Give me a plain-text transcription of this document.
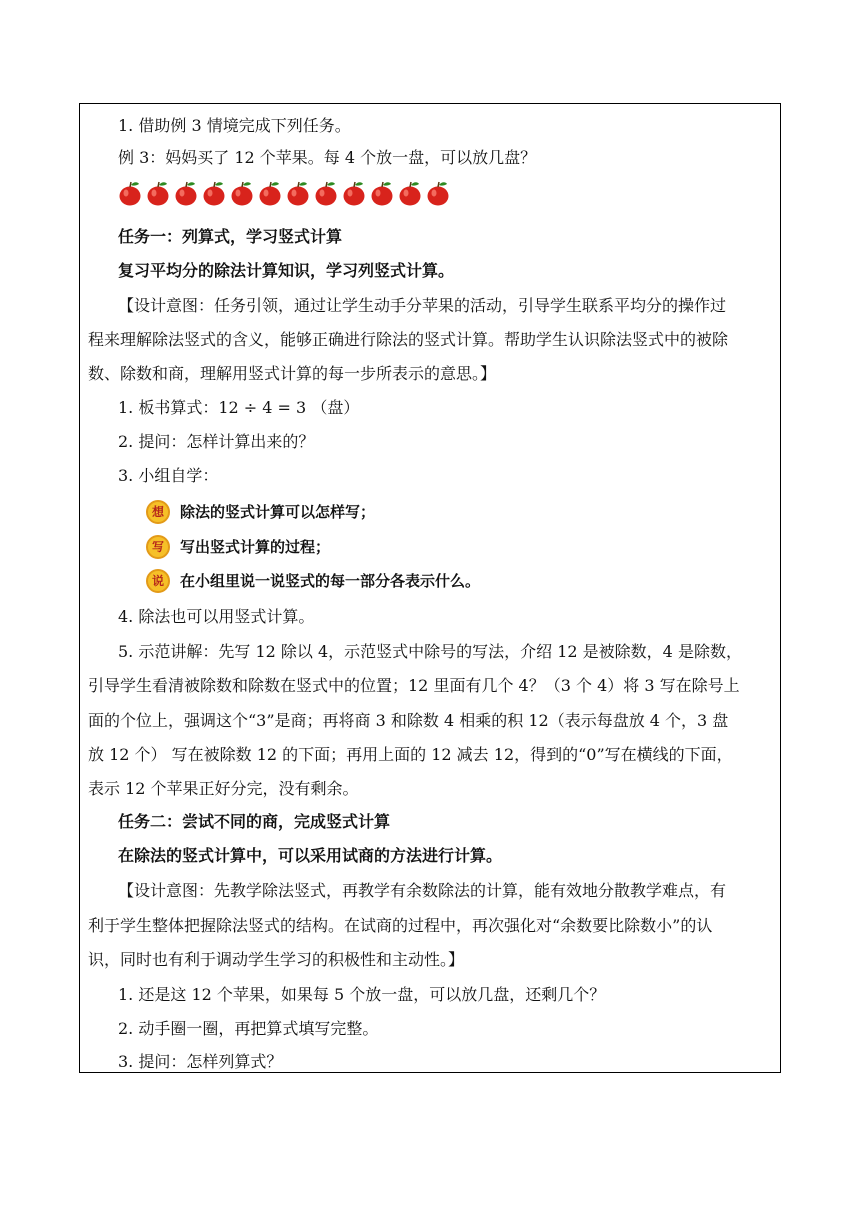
1. 借助例 3 情境完成下列任务。
例 3：妈妈买了 12 个苹果。每 4 个放一盘，可以放几盘？
任务一：列算式，学习竖式计算
复习平均分的除法计算知识，学习列竖式计算。
【设计意图：任务引领，通过让学生动手分苹果的活动，引导学生联系平均分的操作过
程来理解除法竖式的含义，能够正确进行除法的竖式计算。帮助学生认识除法竖式中的被除
数、除数和商，理解用竖式计算的每一步所表示的意思。】
1. 板书算式：12 ÷ 4 = 3 （盘）
2. 提问：怎样计算出来的？
3. 小组自学：
想	除法的竖式计算可以怎样写；
写	写出竖式计算的过程；
说	在小组里说一说竖式的每一部分各表示什么。
4. 除法也可以用竖式计算。
5. 示范讲解：先写 12 除以 4，示范竖式中除号的写法，介绍 12 是被除数，4 是除数，
引导学生看清被除数和除数在竖式中的位置；12 里面有几个 4？（3 个 4）将 3 写在除号上
面的个位上，强调这个“3”是商；再将商 3 和除数 4 相乘的积 12（表示每盘放 4 个，3 盘
放 12 个） 写在被除数 12 的下面；再用上面的 12 减去 12，得到的“0”写在横线的下面，
表示 12 个苹果正好分完，没有剩余。
任务二：尝试不同的商，完成竖式计算
在除法的竖式计算中，可以采用试商的方法进行计算。
【设计意图：先教学除法竖式，再教学有余数除法的计算，能有效地分散教学难点，有
利于学生整体把握除法竖式的结构。在试商的过程中，再次强化对“余数要比除数小”的认
识，同时也有利于调动学生学习的积极性和主动性。】
1. 还是这 12 个苹果，如果每 5 个放一盘，可以放几盘，还剩几个？
2. 动手圈一圈，再把算式填写完整。
3. 提问：怎样列算式？
